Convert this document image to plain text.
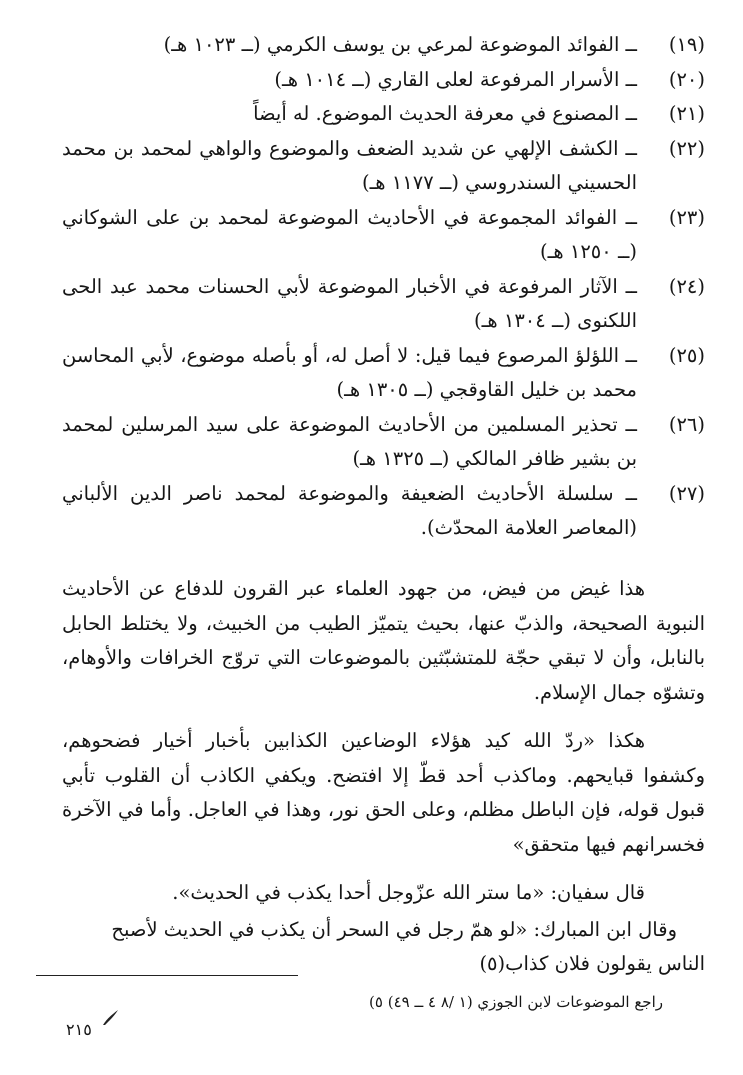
(١٩)
ــ الفوائد الموضوعة لمرعي بن يوسف الكرمي (ــ ١٠٢٣ هـ)
(٢٠)
ــ الأسرار المرفوعة لعلى القاري (ــ ١٠١٤ هـ)
(٢١)
ــ المصنوع في معرفة الحديث الموضوع. له أيضاً
(٢٢)
ــ الكشف الإلهي عن شديد الضعف والموضوع والواهي لمحمد بن محمد الحسيني السندروسي (ــ ١١٧٧ هـ)
(٢٣)
ــ الفوائد المجموعة في الأحاديث الموضوعة لمحمد بن على الشوكاني (ــ ١٢٥٠ هـ)
(٢٤)
ــ الآثار المرفوعة في الأخبار الموضوعة لأبي الحسنات محمد عبد الحى اللكنوى (ــ ١٣٠٤ هـ)
(٢٥)
ــ اللؤلؤ المرصوع فيما قيل: لا أصل له، أو بأصله موضوع، لأبي المحاسن محمد بن خليل القاوقجي (ــ ١٣٠٥ هـ)
(٢٦)
ــ تحذير المسلمين من الأحاديث الموضوعة على سيد المرسلين لمحمد بن بشير ظافر المالكي (ــ ١٣٢٥ هـ)
(٢٧)
ــ سلسلة الأحاديث الضعيفة والموضوعة لمحمد ناصر الدين الألباني (المعاصر العلامة المحدّث).

هذا غيض من فيض، من جهود العلماء عبر القرون للدفاع عن الأحاديث النبوية الصحيحة، والذبّ عنها، بحيث يتميّز الطيب من الخبيث، ولا يختلط الحابل بالنابل، وأن لا تبقي حجّة للمتشبّثين بالموضوعات التي تروّج الخرافات والأوهام، وتشوّه جمال الإسلام.

هكذا «ردّ الله كيد هؤلاء الوضاعين الكذابين بأخبار أخيار فضحوهم، وكشفوا قبايحهم. وماكذب أحد قطّ إلا افتضح. ويكفي الكاذب أن القلوب تأبي قبول قوله، فإن الباطل مظلم، وعلى الحق نور، وهذا في العاجل. وأما في الآخرة فخسرانهم فيها متحقق»

قال سفيان: «ما ستر الله عزّوجل أحدا يكذب في الحديث».

وقال ابن المبارك: «لو همّ رجل في السحر أن يكذب في الحديث لأصبح الناس يقولون فلان كذاب(٥)

راجع الموضوعات لابن الجوزي (١ /٨ ٤ ــ ٤٩) ٥)
٢١٥
